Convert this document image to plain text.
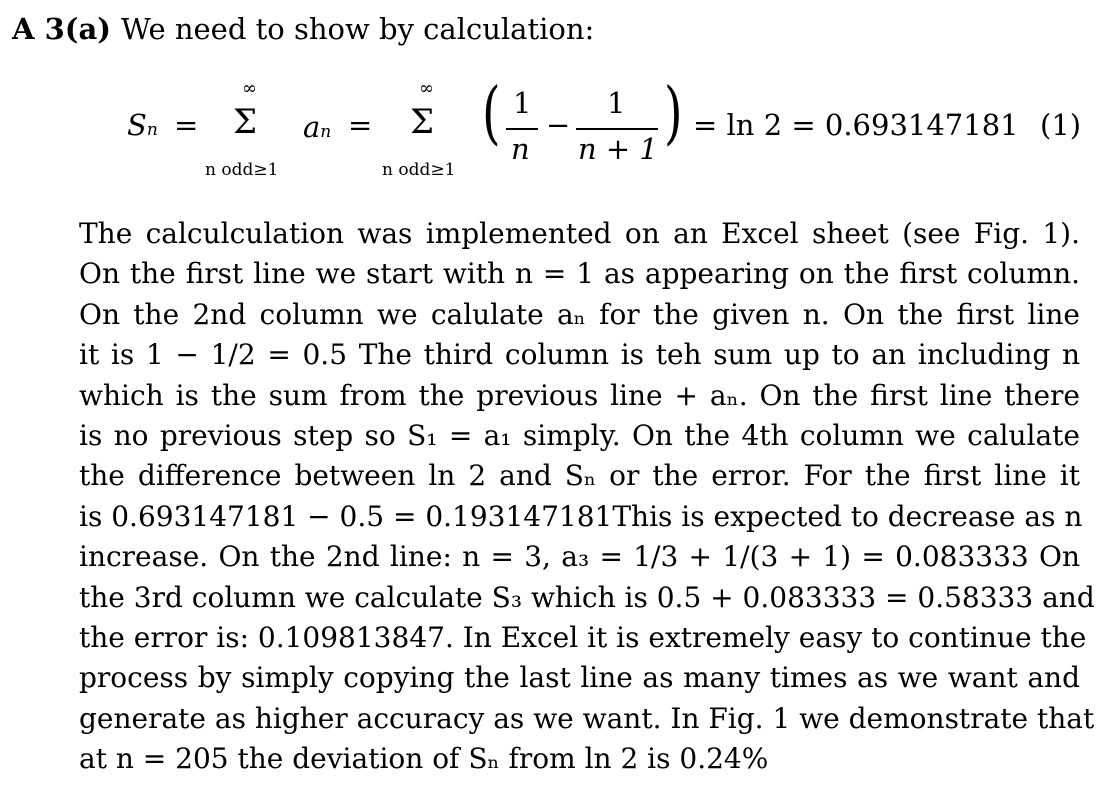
A 3(a) We need to show by calculation:
Sn =
∞
Σ
n odd≥1
an =
∞
Σ
n odd≥1
( 1
n
−
1
n + 1 ) = ln 2 = 0.693147181 (1)
The calculculation was implemented on an Excel sheet (see Fig. 1).
On the first line we start with n = 1 as appearing on the first column.
On the 2nd column we calulate aₙ for the given n. On the first line
it is 1 − 1/2 = 0.5 The third column is teh sum up to an including n
which is the sum from the previous line + aₙ. On the first line there
is no previous step so S₁ = a₁ simply. On the 4th column we calulate
the difference between ln 2 and Sₙ or the error. For the first line it
is 0.693147181 − 0.5 = 0.193147181This is expected to decrease as n
increase. On the 2nd line: n = 3, a₃ = 1/3 + 1/(3 + 1) = 0.083333 On
the 3rd column we calculate S₃ which is 0.5 + 0.083333 = 0.58333 and
the error is: 0.109813847. In Excel it is extremely easy to continue the
process by simply copying the last line as many times as we want and
generate as higher accuracy as we want. In Fig. 1 we demonstrate that
at n = 205 the deviation of Sₙ from ln 2 is 0.24%
